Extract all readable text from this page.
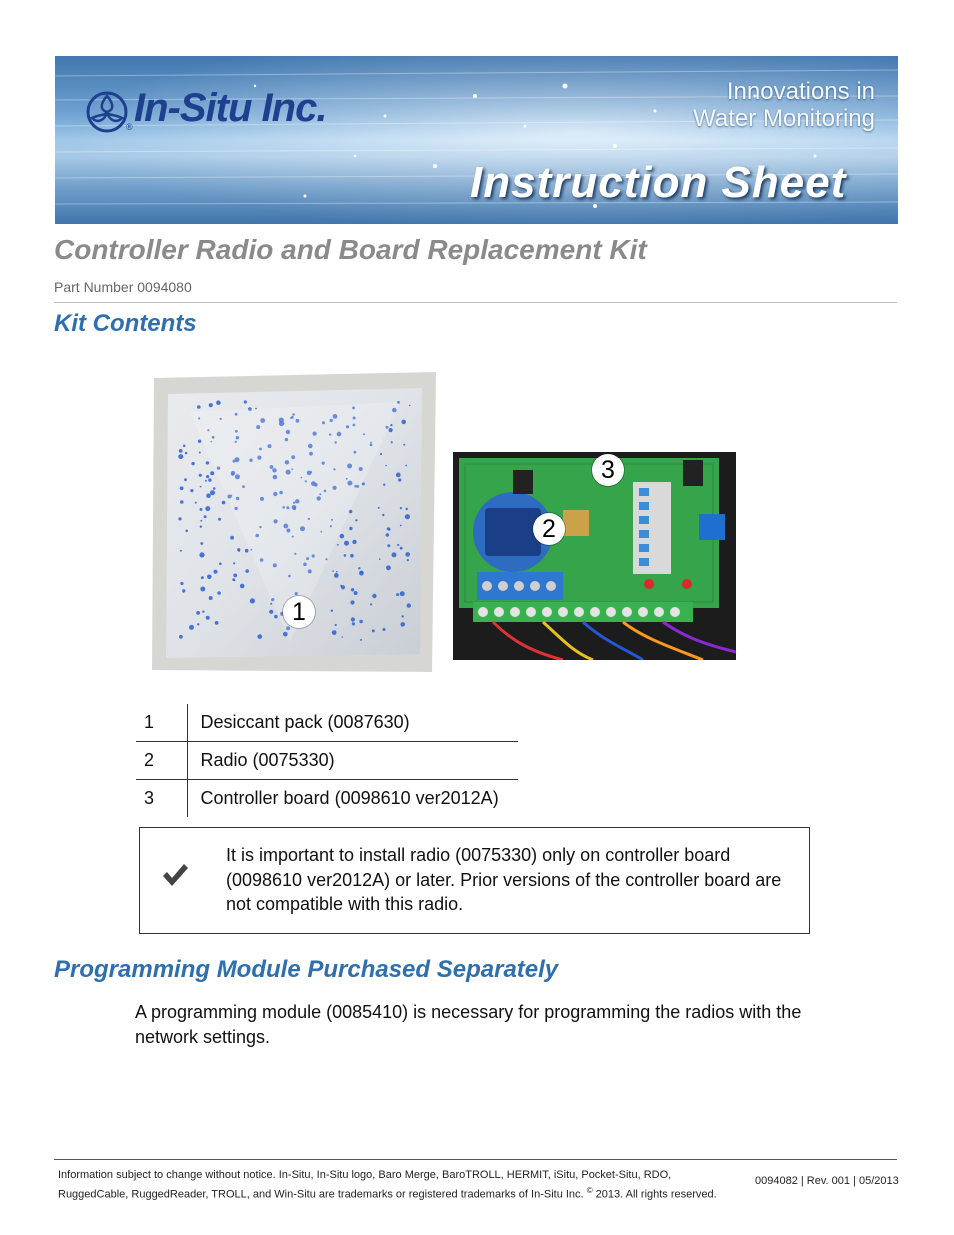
In-Situ Inc.
®
Innovations in
Water Monitoring
Instruction Sheet
Controller Radio and Board Replacement Kit
Part Number 0094080
Kit Contents
1
3
2
1	Desiccant pack (0087630)
2	Radio (0075330)
3	Controller board (0098610 ver2012A)
It is important to install radio (0075330) only on controller board (0098610 ver2012A) or later. Prior versions of the controller board are not compatible with this radio.
Programming Module Purchased Separately
A programming module (0085410) is necessary for programming the radios with the network settings.
Information subject to change without notice. In-Situ, In-Situ logo, Baro Merge, BaroTROLL, HERMIT, iSitu, Pocket-Situ, RDO,
RuggedCable, RuggedReader, TROLL, and Win-Situ are trademarks or registered trademarks of In-Situ Inc. © 2013. All rights reserved.
0094082 | Rev. 001 | 05/2013
